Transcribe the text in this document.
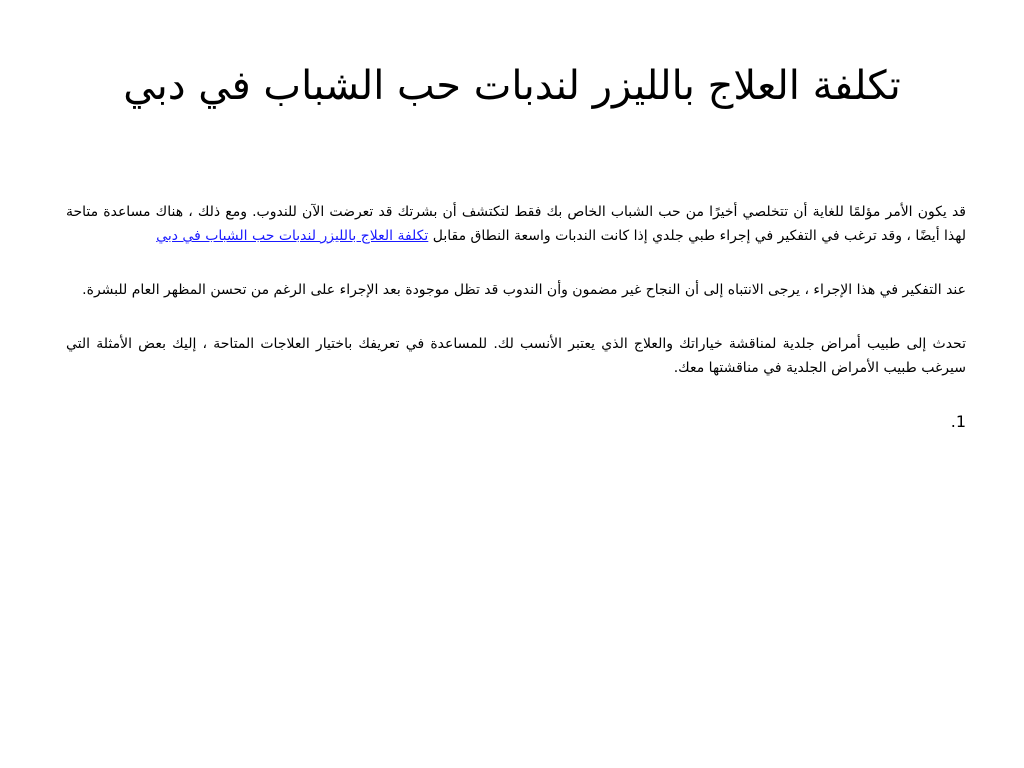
تكلفة العلاج بالليزر لندبات حب الشباب في دبي

قد يكون الأمر مؤلمًا للغاية أن تتخلصي أخيرًا من حب الشباب الخاص بك فقط لتكتشف أن بشرتك قد تعرضت الآن للندوب. ومع ذلك ، هناك مساعدة متاحة لهذا أيضًا ، وقد ترغب في التفكير في إجراء طبي جلدي إذا كانت الندبات واسعة النطاق مقابل تكلفة العلاج بالليزر لندبات حب الشباب في دبي

عند التفكير في هذا الإجراء ، يرجى الانتباه إلى أن النجاح غير مضمون وأن الندوب قد تظل موجودة بعد الإجراء على الرغم من تحسن المظهر العام للبشرة.

تحدث إلى طبيب أمراض جلدية لمناقشة خياراتك والعلاج الذي يعتبر الأنسب لك. للمساعدة في تعريفك باختيار العلاجات المتاحة ، إليك بعض الأمثلة التي سيرغب طبيب الأمراض الجلدية في مناقشتها معك.

1.
